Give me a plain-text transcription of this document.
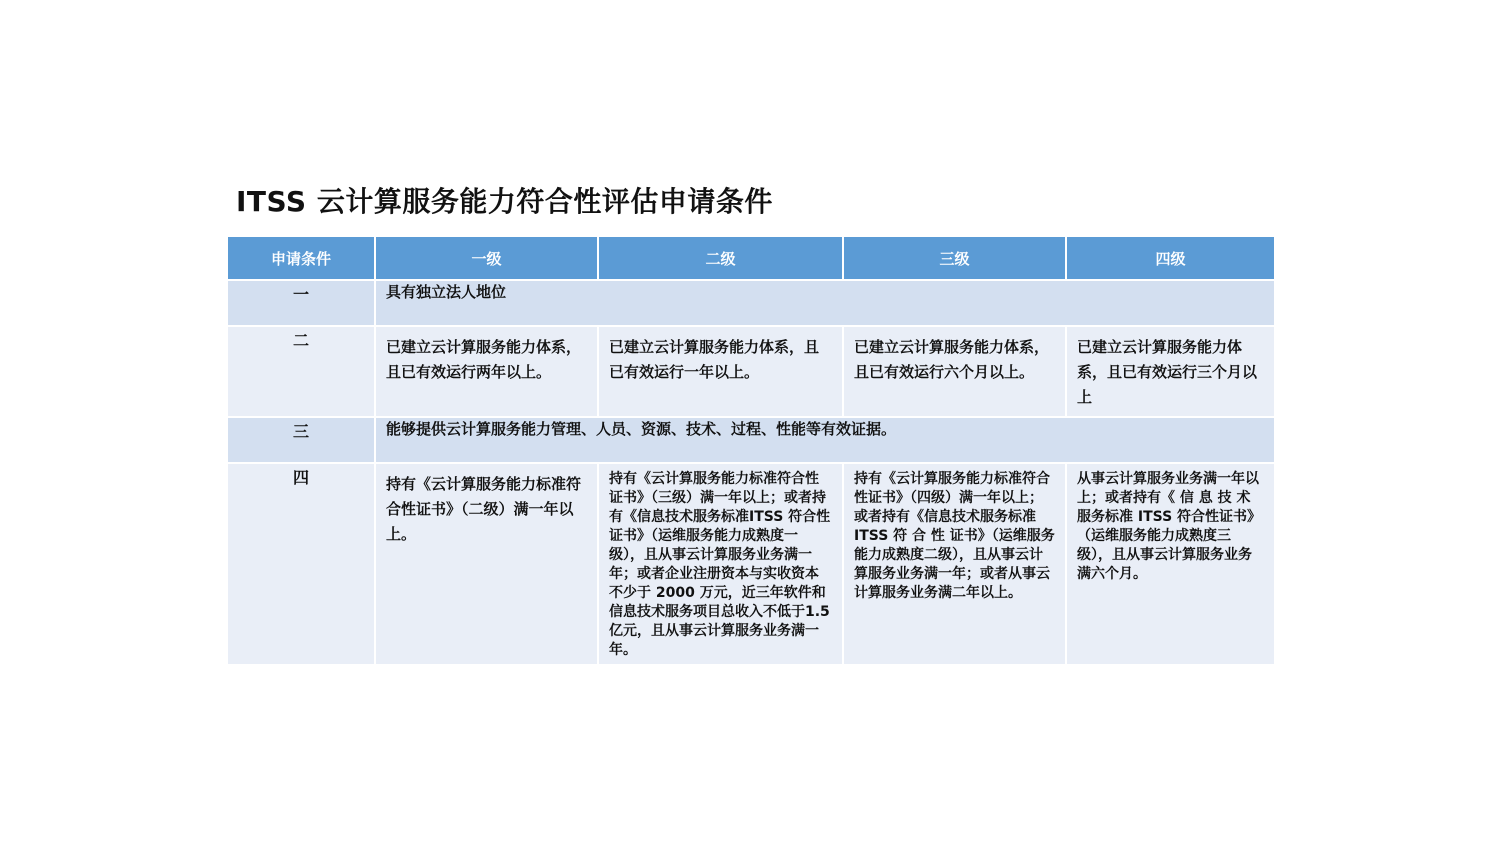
ITSS 云计算服务能力符合性评估申请条件
申请条件	一级	二级	三级	四级
一	具有独立法人地位			
二	已建立云计算服务能力体系，且已有效运行两年以上。	已建立云计算服务能力体系，且已有效运行一年以上。	已建立云计算服务能力体系，且已有效运行六个月以上。	已建立云计算服务能力体系，且已有效运行三个月以上
三	能够提供云计算服务能力管理、人员、资源、技术、过程、性能等有效证据。			
四	持有《云计算服务能力标准符合性证书》（二级）满一年以上。	持有《云计算服务能力标准符合性证书》（三级）满一年以上；或者持有《信息技术服务标准ITSS 符合性证书》（运维服务能力成熟度一级），且从事云计算服务业务满一年；或者企业注册资本与实收资本不少于 2000 万元，近三年软件和信息技术服务项目总收入不低于1.5 亿元，且从事云计算服务业务满一年。	持有《云计算服务能力标准符合性证书》（四级）满一年以上；或者持有《信息技术服务标准 ITSS 符 合 性 证书》（运维服务能力成熟度二级），且从事云计算服务业务满一年；或者从事云计算服务业务满二年以上。	从事云计算服务业务满一年以上；或者持有《 信 息 技 术 服务标准 ITSS 符合性证书》（运维服务能力成熟度三级），且从事云计算服务业务满六个月。
